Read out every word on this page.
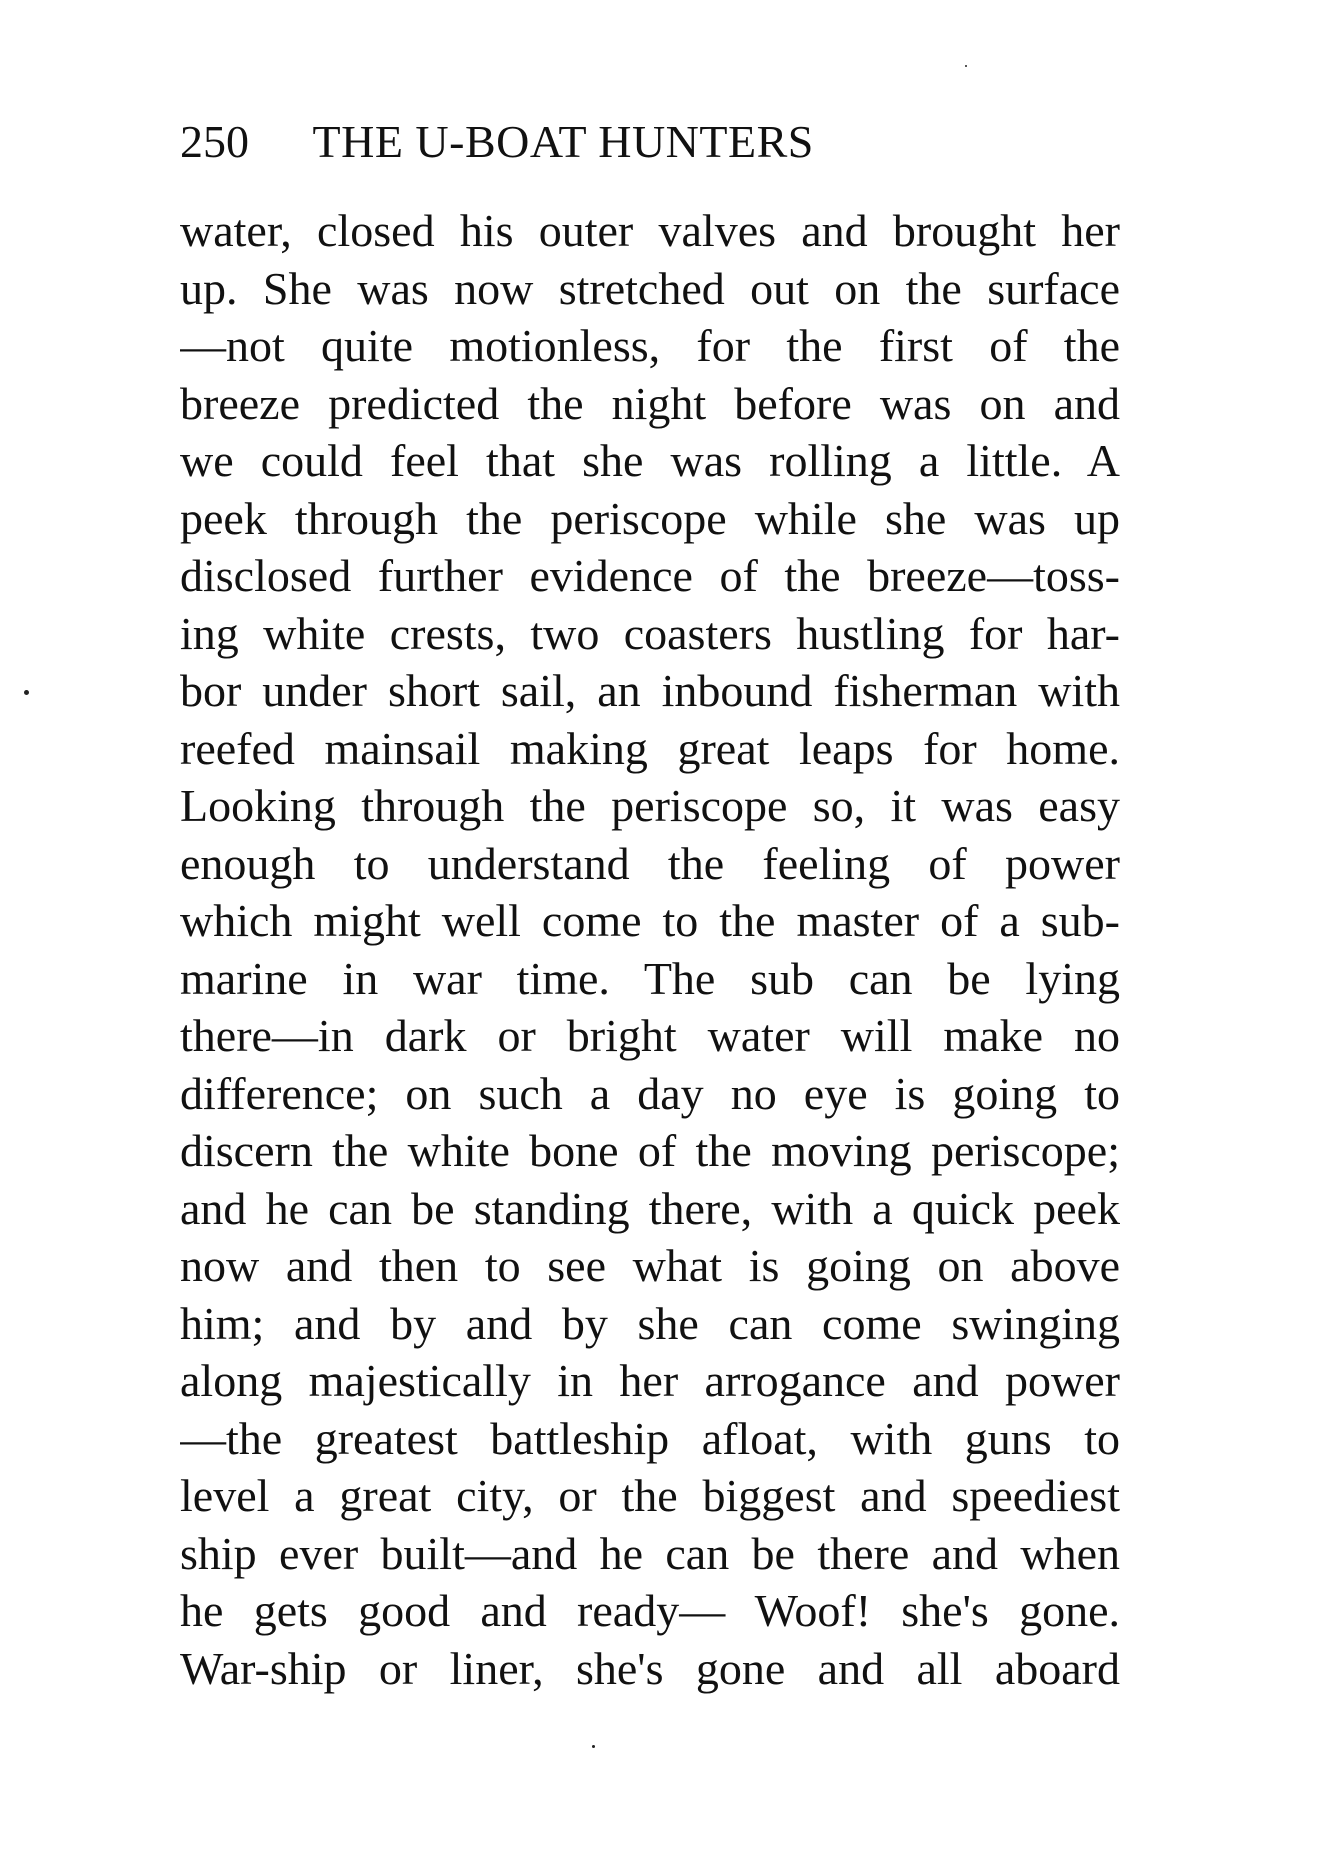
250 THE U-BOAT HUNTERS
water, closed his outer valves and brought her
up. She was now stretched out on the surface
—not quite motionless, for the first of the
breeze predicted the night before was on and
we could feel that she was rolling a little. A
peek through the periscope while she was up
disclosed further evidence of the breeze—toss-
ing white crests, two coasters hustling for har-
bor under short sail, an inbound fisherman with
reefed mainsail making great leaps for home.
Looking through the periscope so, it was easy
enough to understand the feeling of power
which might well come to the master of a sub-
marine in war time. The sub can be lying
there—in dark or bright water will make no
difference; on such a day no eye is going to
discern the white bone of the moving periscope;
and he can be standing there, with a quick peek
now and then to see what is going on above
him; and by and by she can come swinging
along majestically in her arrogance and power
—the greatest battleship afloat, with guns to
level a great city, or the biggest and speediest
ship ever built—and he can be there and when
he gets good and ready— Woof! she's gone.
War-ship or liner, she's gone and all aboard
